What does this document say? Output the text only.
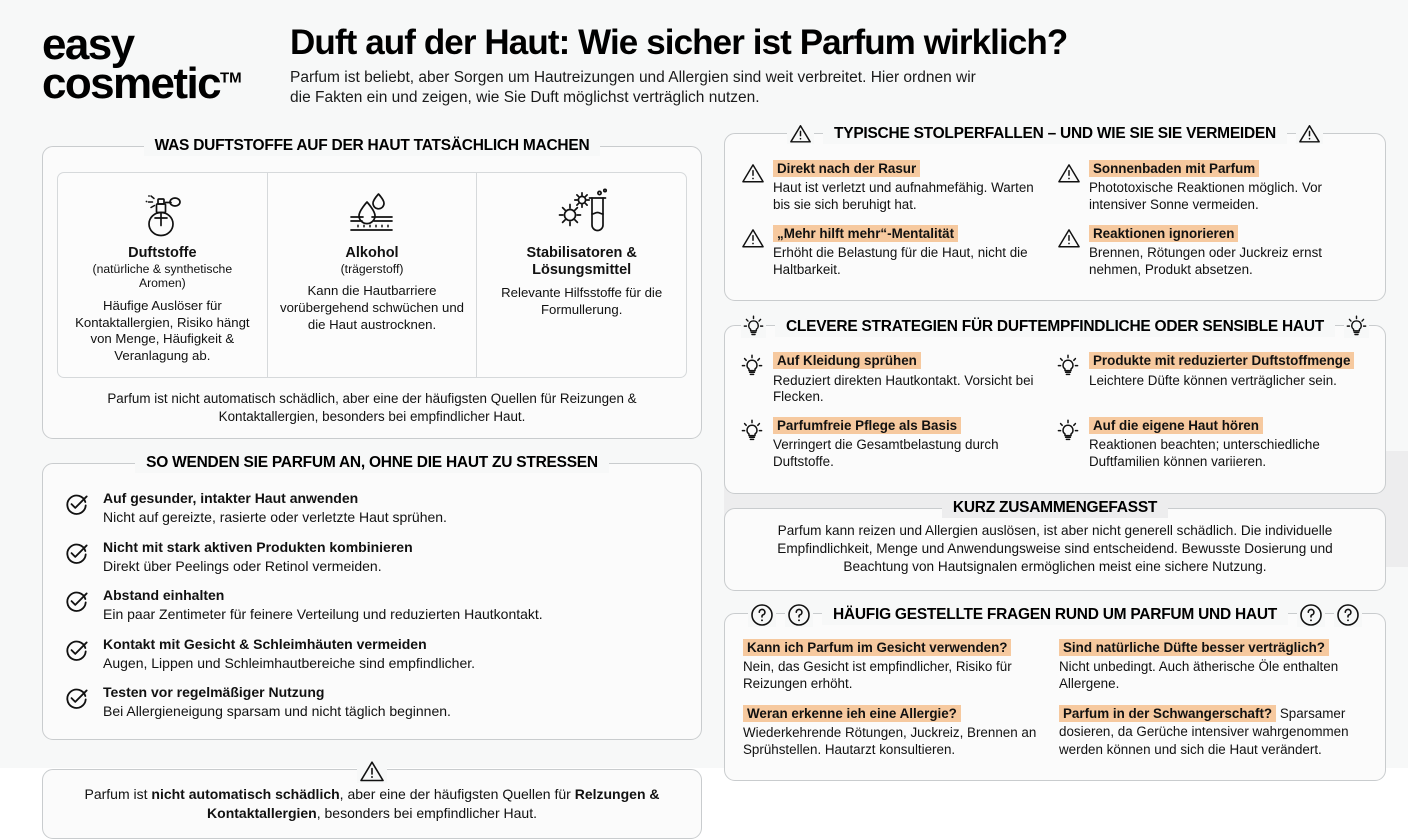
easy
cosmetic™
Duft auf der Haut: Wie sicher ist Parfum wirklich?
Parfum ist beliebt, aber Sorgen um Hautreizungen und Allergien sind weit verbreitet. Hier ordnen wir
die Fakten ein und zeigen, wie Sie Duft möglichst verträglich nutzen.
WAS DUFTSTOFFE AUF DER HAUT TATSÄCHLICH MACHEN
Duftstoffe
(natürliche & synthetische Aromen)
Häufige Auslöser für Kontaktallergien, Risiko hängt von Menge, Häufigkeit & Veranlagung ab.
Alkohol
(trägerstoff)
Kann die Hautbarriere vorübergehend schwüchen und die Haut austrocknen.
Stabilisatoren & Lösungsmittel
Relevante Hilfsstoffe für die Formullerung.
Parfum ist nicht automatisch schädlich, aber eine der häufigsten Quellen für Reizungen & Kontaktallergien, besonders bei empfindlicher Haut.
SO WENDEN SIE PARFUM AN, OHNE DIE HAUT ZU STRESSEN
Auf gesunder, intakter Haut anwenden
Nicht auf gereizte, rasierte oder verletzte Haut sprühen.
Nicht mit stark aktiven Produkten kombinieren
Direkt über Peelings oder Retinol vermeiden.
Abstand einhalten
Ein paar Zentimeter für feinere Verteilung und reduzierten Hautkontakt.
Kontakt mit Gesicht & Schleimhäuten vermeiden
Augen, Lippen und Schleimhautbereiche sind empfindlicher.
Testen vor regelmäßiger Nutzung
Bei Allergieneigung sparsam und nicht täglich beginnen.
Parfum ist nicht automatisch schädlich, aber eine der häufigsten Quellen für Relzungen & Kontaktallergien, besonders bei empfindlicher Haut.
TYPISCHE STOLPERFALLEN – UND WIE SIE SIE VERMEIDEN
Direkt nach der Rasur
Haut ist verletzt und aufnahmefähig. Warten bis sie sich beruhigt hat.
Sonnenbaden mit Parfum
Phototoxische Reaktionen möglich. Vor intensiver Sonne vermeiden.
„Mehr hilft mehr“-Mentalität
Erhöht die Belastung für die Haut, nicht die Haltbarkeit.
Reaktionen ignorieren
Brennen, Rötungen oder Juckreiz ernst nehmen, Produkt absetzen.
CLEVERE STRATEGIEN FÜR DUFTEMPFINDLICHE ODER SENSIBLE HAUT
Auf Kleidung sprühen
Reduziert direkten Hautkontakt. Vorsicht bei Flecken.
Produkte mit reduzierter Duftstoffmenge
Leichtere Düfte können verträglicher sein.
Parfumfreie Pflege als Basis
Verringert die Gesamtbelastung durch Duftstoffe.
Auf die eigene Haut hören
Reaktionen beachten; unterschiedliche Duftfamilien können variieren.
KURZ ZUSAMMENGEFASST
Parfum kann reizen und Allergien auslösen, ist aber nicht generell schädlich. Die individuelle Empfindlichkeit, Menge und Anwendungsweise sind entscheidend. Bewusste Dosierung und Beachtung von Hautsignalen ermöglichen meist eine sichere Nutzung.
HÄUFIG GESTELLTE FRAGEN RUND UM PARFUM UND HAUT
Kann ich Parfum im Gesicht verwenden?
Nein, das Gesicht ist empfindlicher, Risiko für Reizungen erhöht.
Sind natürliche Düfte besser verträglich?
Nicht unbedingt. Auch ätherische Öle enthalten Allergene.
Weran erkenne ieh eine Allergie?
Wiederkehrende Rötungen, Juckreiz, Brennen an Sprühstellen. Hautarzt konsultieren.
Parfum in der Schwangerschaft? Sparsamer dosieren, da Gerüche intensiver wahrgenommen werden können und sich die Haut verändert.
